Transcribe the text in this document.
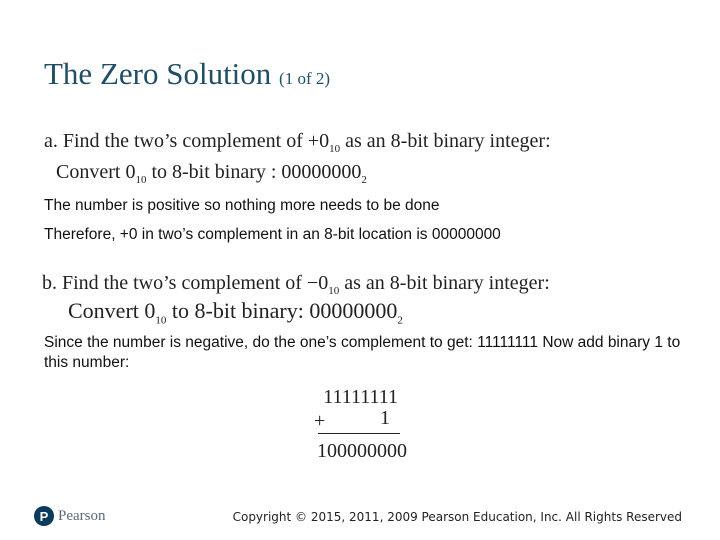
The Zero Solution (1 of 2)
a. Find the two’s complement of $+0_{10}$ as an 8-bit binary integer:
Convert $0_{10}$ to 8-bit binary : $00000000_2$
The number is positive so nothing more needs to be done
Therefore, +0 in two’s complement in an 8-bit location is 00000000
b. Find the two’s complement of $-0_{10}$ as an 8-bit binary integer:
Convert $0_{10}$ to 8-bit binary: $00000000_2$
Since the number is negative, do the one’s complement to get: 11111111 Now add binary 1 to this number:
11111111
+	1
100000000
P Pearson	Copyright © 2015, 2011, 2009 Pearson Education, Inc. All Rights Reserved
